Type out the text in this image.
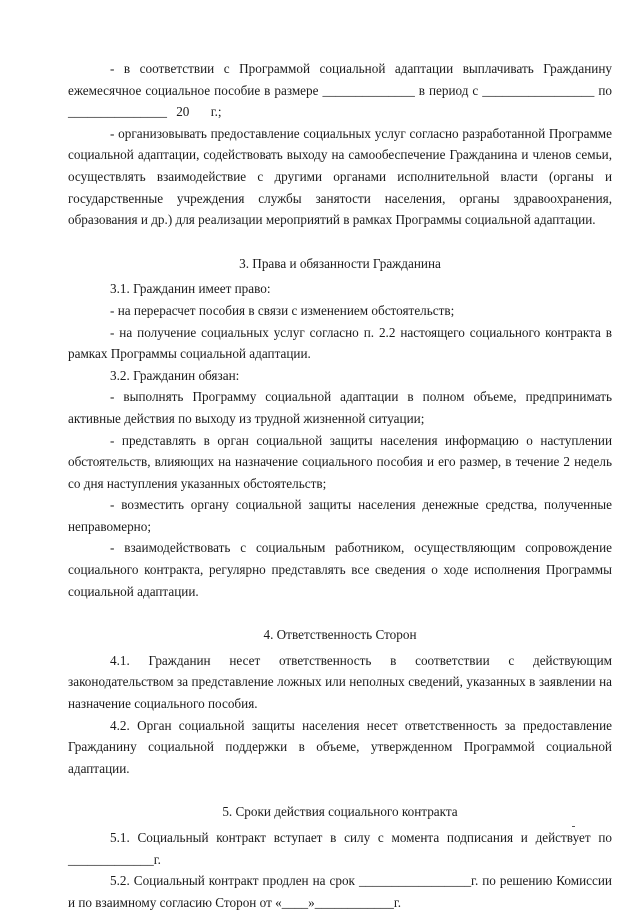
- в соответствии с Программой социальной адаптации выплачивать Гражданину ежемесячное социальное пособие в размере ______________ в период с _________________ по _______________ 20 г.;

- организовывать предоставление социальных услуг согласно разработанной Программе социальной адаптации, содействовать выходу на самообеспечение Гражданина и членов семьи, осуществлять взаимодействие с другими органами исполнительной власти (органы и государственные учреждения службы занятости населения, органы здравоохранения, образования и др.) для реализации мероприятий в рамках Программы социальной адаптации.

3. Права и обязанности Гражданина

3.1. Гражданин имеет право:

- на перерасчет пособия в связи с изменением обстоятельств;

- на получение социальных услуг согласно п. 2.2 настоящего социального контракта в рамках Программы социальной адаптации.

3.2. Гражданин обязан:

- выполнять Программу социальной адаптации в полном объеме, предпринимать активные действия по выходу из трудной жизненной ситуации;

- представлять в орган социальной защиты населения информацию о наступлении обстоятельств, влияющих на назначение социального пособия и его размер, в течение 2 недель со дня наступления указанных обстоятельств;

- возместить органу социальной защиты населения денежные средства, полученные неправомерно;

- взаимодействовать с социальным работником, осуществляющим сопровождение социального контракта, регулярно представлять все сведения о ходе исполнения Программы социальной адаптации.

4. Ответственность Сторон

4.1. Гражданин несет ответственность в соответствии с действующим законодательством за представление ложных или неполных сведений, указанных в заявлении на назначение социального пособия.

4.2. Орган социальной защиты населения несет ответственность за предоставление Гражданину социальной поддержки в объеме, утвержденном Программой социальной адаптации.

5. Сроки действия социального контракта

5.1. Социальный контракт вступает в силу с момента подписания и действует по _____________г.

5.2. Социальный контракт продлен на срок _________________г. по решению Комиссии и по взаимному согласию Сторон от «____»____________г.
